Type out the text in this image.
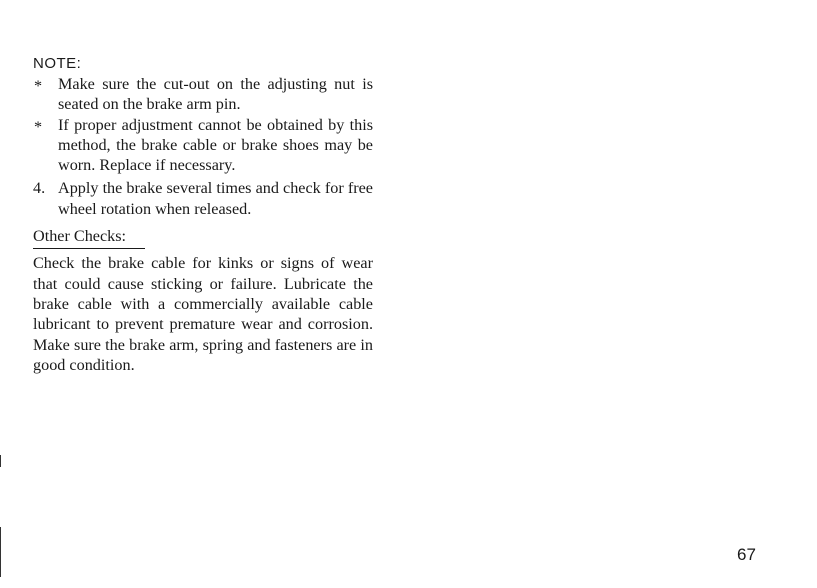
NOTE:
* Make sure the cut-out on the adjusting nut is seated on the brake arm pin.
* If proper adjustment cannot be obtained by this method, the brake cable or brake shoes may be worn. Replace if necessary.
4. Apply the brake several times and check for free wheel rotation when released.
Other Checks:
Check the brake cable for kinks or signs of wear that could cause sticking or failure. Lubricate the brake cable with a commercially available cable lubricant to prevent premature wear and corrosion. Make sure the brake arm, spring and fasteners are in good condition.
67
